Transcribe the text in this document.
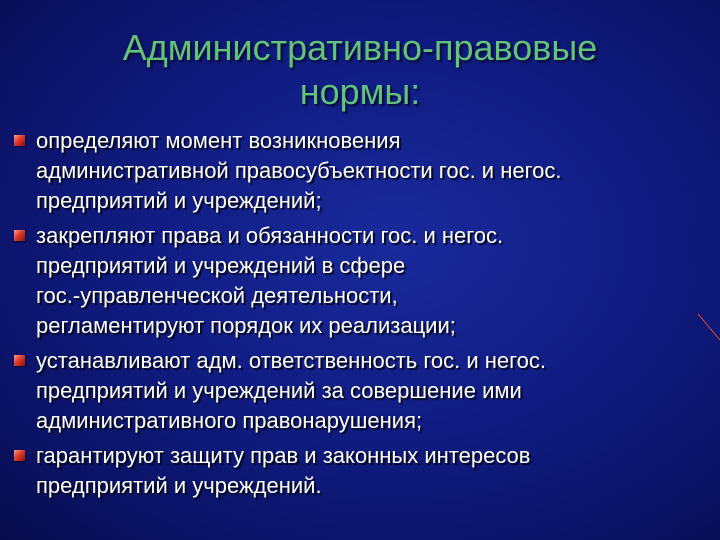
Административно-правовые
нормы:
определяют момент возникновения
административной правосубъектности гос. и негос.
предприятий и учреждений;
закрепляют права и обязанности гос. и негос.
предприятий и учреждений в сфере
гос.-управленческой деятельности,
регламентируют порядок их реализации;
устанавливают адм. ответственность гос. и негос.
предприятий и учреждений за совершение ими
административного правонарушения;
гарантируют защиту прав и законных интересов
предприятий и учреждений.
